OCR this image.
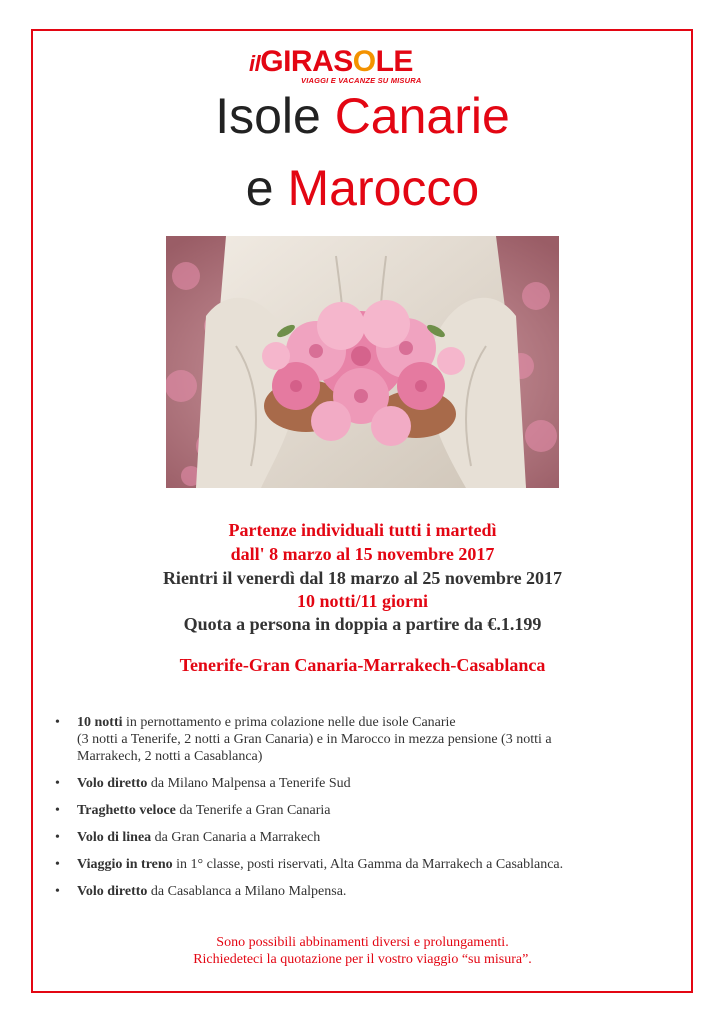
ilGIRASOLE
VIAGGI E VACANZE SU MISURA
Isole Canarie
e Marocco
Partenze individuali tutti i martedì
dall' 8 marzo al 15 novembre 2017
Rientri il venerdì dal 18 marzo al 25 novembre 2017
10 notti/11 giorni
Quota a persona in doppia a partire da €.1.199
Tenerife-Gran Canaria-Marrakech-Casablanca
• 10 notti in pernottamento e prima colazione nelle due isole Canarie
(3 notti a Tenerife, 2 notti a Gran Canaria) e in Marocco in mezza pensione (3 notti a
Marrakech, 2 notti a Casablanca)
• Volo diretto da Milano Malpensa a Tenerife Sud
• Traghetto veloce da Tenerife a Gran Canaria
• Volo di linea da Gran Canaria a Marrakech
• Viaggio in treno in 1° classe, posti riservati, Alta Gamma da Marrakech a Casablanca.
• Volo diretto da Casablanca a Milano Malpensa.
Sono possibili abbinamenti diversi e prolungamenti.
Richiedeteci la quotazione per il vostro viaggio “su misura”.
